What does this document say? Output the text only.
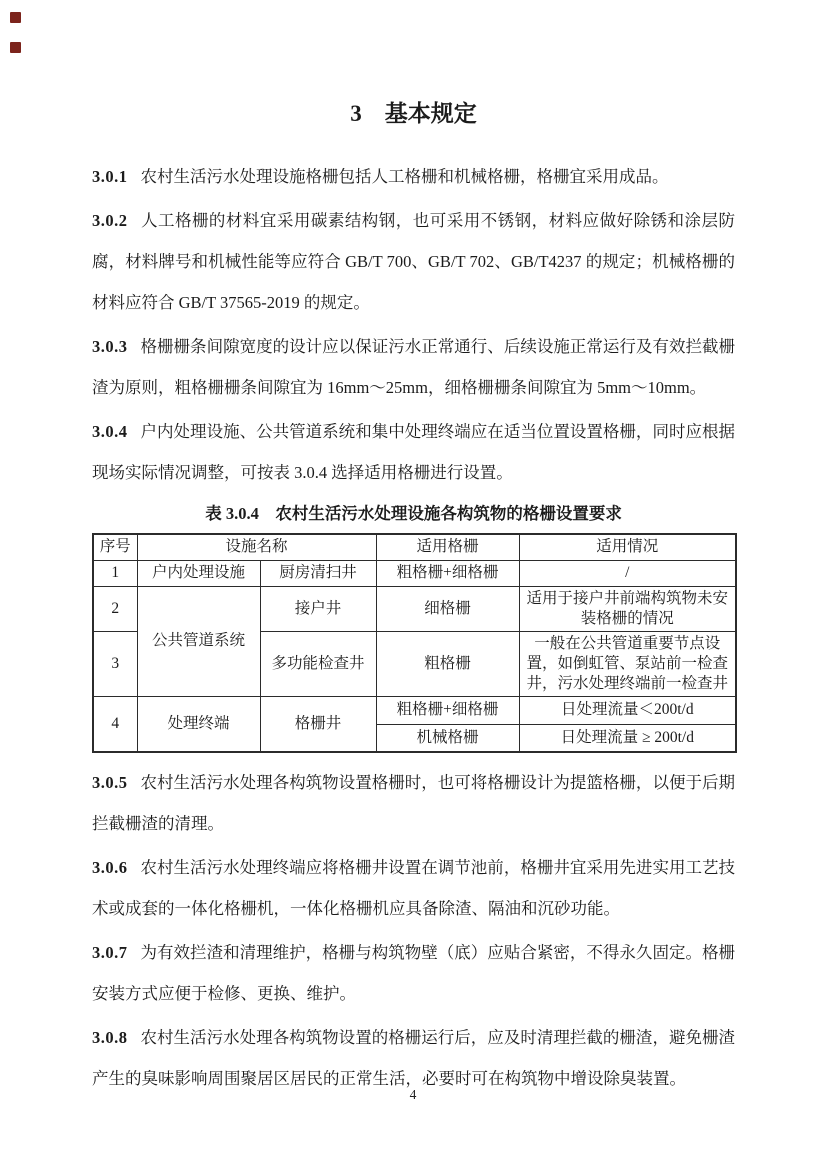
3　基本规定

3.0.1 农村生活污水处理设施格栅包括人工格栅和机械格栅，格栅宜采用成品。

3.0.2 人工格栅的材料宜采用碳素结构钢，也可采用不锈钢，材料应做好除锈和涂层防腐，材料牌号和机械性能等应符合 GB/T 700、GB/T 702、GB/T4237 的规定；机械格栅的材料应符合 GB/T 37565-2019 的规定。

3.0.3 格栅栅条间隙宽度的设计应以保证污水正常通行、后续设施正常运行及有效拦截栅渣为原则，粗格栅栅条间隙宜为 16mm～25mm，细格栅栅条间隙宜为 5mm～10mm。

3.0.4 户内处理设施、公共管道系统和集中处理终端应在适当位置设置格栅，同时应根据现场实际情况调整，可按表 3.0.4 选择适用格栅进行设置。

表 3.0.4　农村生活污水处理设施各构筑物的格栅设置要求
序号	设施名称		适用格栅	适用情况
1	户内处理设施	厨房清扫井	粗格栅+细格栅	/
2	公共管道系统	接户井	细格栅	适用于接户井前端构筑物未安装格栅的情况
3		多功能检查井	粗格栅	一般在公共管道重要节点设置，如倒虹管、泵站前一检查井，污水处理终端前一检查井
4	处理终端	格栅井	粗格栅+细格栅	日处理流量＜200t/d
			机械格栅	日处理流量 ≥ 200t/d

3.0.5 农村生活污水处理各构筑物设置格栅时，也可将格栅设计为提篮格栅，以便于后期拦截栅渣的清理。

3.0.6 农村生活污水处理终端应将格栅井设置在调节池前，格栅井宜采用先进实用工艺技术或成套的一体化格栅机，一体化格栅机应具备除渣、隔油和沉砂功能。

3.0.7 为有效拦渣和清理维护，格栅与构筑物壁（底）应贴合紧密，不得永久固定。格栅安装方式应便于检修、更换、维护。

3.0.8 农村生活污水处理各构筑物设置的格栅运行后，应及时清理拦截的栅渣，避免栅渣产生的臭味影响周围聚居区居民的正常生活，必要时可在构筑物中增设除臭装置。

4
